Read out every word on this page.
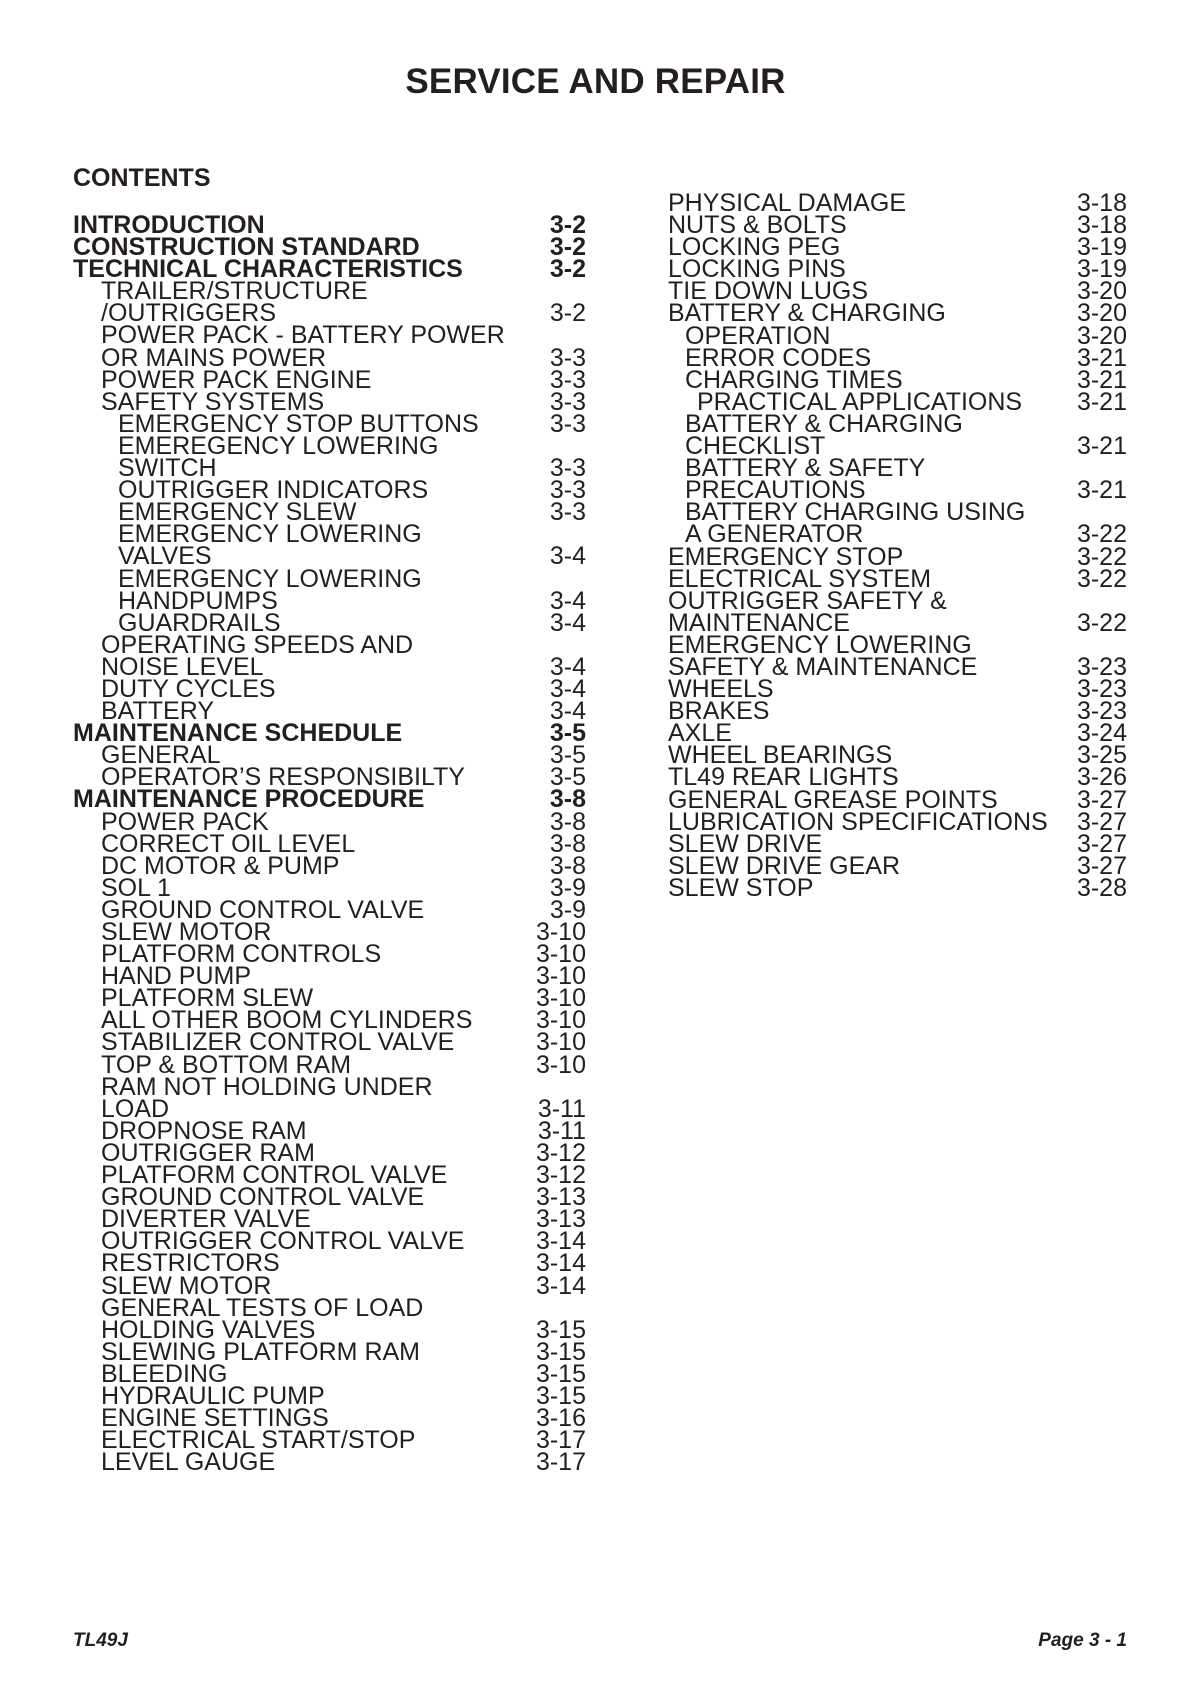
SERVICE AND REPAIR
CONTENTS
INTRODUCTION	3-2
CONSTRUCTION STANDARD	3-2
TECHNICAL CHARACTERISTICS	3-2
TRAILER/STRUCTURE
/OUTRIGGERS	3-2
POWER PACK - BATTERY POWER
OR MAINS POWER	3-3
POWER PACK ENGINE	3-3
SAFETY SYSTEMS	3-3
EMERGENCY STOP BUTTONS	3-3
EMEREGENCY LOWERING
SWITCH	3-3
OUTRIGGER INDICATORS	3-3
EMERGENCY SLEW	3-3
EMERGENCY LOWERING
VALVES	3-4
EMERGENCY LOWERING
HANDPUMPS	3-4
GUARDRAILS	3-4
OPERATING SPEEDS AND
NOISE LEVEL	3-4
DUTY CYCLES	3-4
BATTERY	3-4
MAINTENANCE SCHEDULE	3-5
GENERAL	3-5
OPERATOR’S RESPONSIBILTY	3-5
MAINTENANCE PROCEDURE	3-8
POWER PACK	3-8
CORRECT OIL LEVEL	3-8
DC MOTOR & PUMP	3-8
SOL 1	3-9
GROUND CONTROL VALVE	3-9
SLEW MOTOR	3-10
PLATFORM CONTROLS	3-10
HAND PUMP	3-10
PLATFORM SLEW	3-10
ALL OTHER BOOM CYLINDERS	3-10
STABILIZER CONTROL VALVE	3-10
TOP & BOTTOM RAM	3-10
RAM NOT HOLDING UNDER
LOAD	3-11
DROPNOSE RAM	3-11
OUTRIGGER RAM	3-12
PLATFORM CONTROL VALVE	3-12
GROUND CONTROL VALVE	3-13
DIVERTER VALVE	3-13
OUTRIGGER CONTROL VALVE	3-14
RESTRICTORS	3-14
SLEW MOTOR	3-14
GENERAL TESTS OF LOAD
HOLDING VALVES	3-15
SLEWING PLATFORM RAM	3-15
BLEEDING	3-15
HYDRAULIC PUMP	3-15
ENGINE SETTINGS	3-16
ELECTRICAL START/STOP	3-17
LEVEL GAUGE	3-17
PHYSICAL DAMAGE	3-18
NUTS & BOLTS	3-18
LOCKING PEG	3-19
LOCKING PINS	3-19
TIE DOWN LUGS	3-20
BATTERY & CHARGING	3-20
OPERATION	3-20
ERROR CODES	3-21
CHARGING TIMES	3-21
PRACTICAL APPLICATIONS 3-21
BATTERY & CHARGING
CHECKLIST	3-21
BATTERY & SAFETY
PRECAUTIONS	3-21
BATTERY CHARGING USING
A GENERATOR	3-22
EMERGENCY STOP	3-22
ELECTRICAL SYSTEM	3-22
OUTRIGGER SAFETY &
MAINTENANCE	3-22
EMERGENCY LOWERING
SAFETY & MAINTENANCE	3-23
WHEELS	3-23
BRAKES	3-23
AXLE	3-24
WHEEL BEARINGS	3-25
TL49 REAR LIGHTS	3-26
GENERAL GREASE POINTS	3-27
LUBRICATION SPECIFICATIONS 3-27
SLEW DRIVE	3-27
SLEW DRIVE GEAR	3-27
SLEW STOP	3-28
TL49J	Page 3 - 1
